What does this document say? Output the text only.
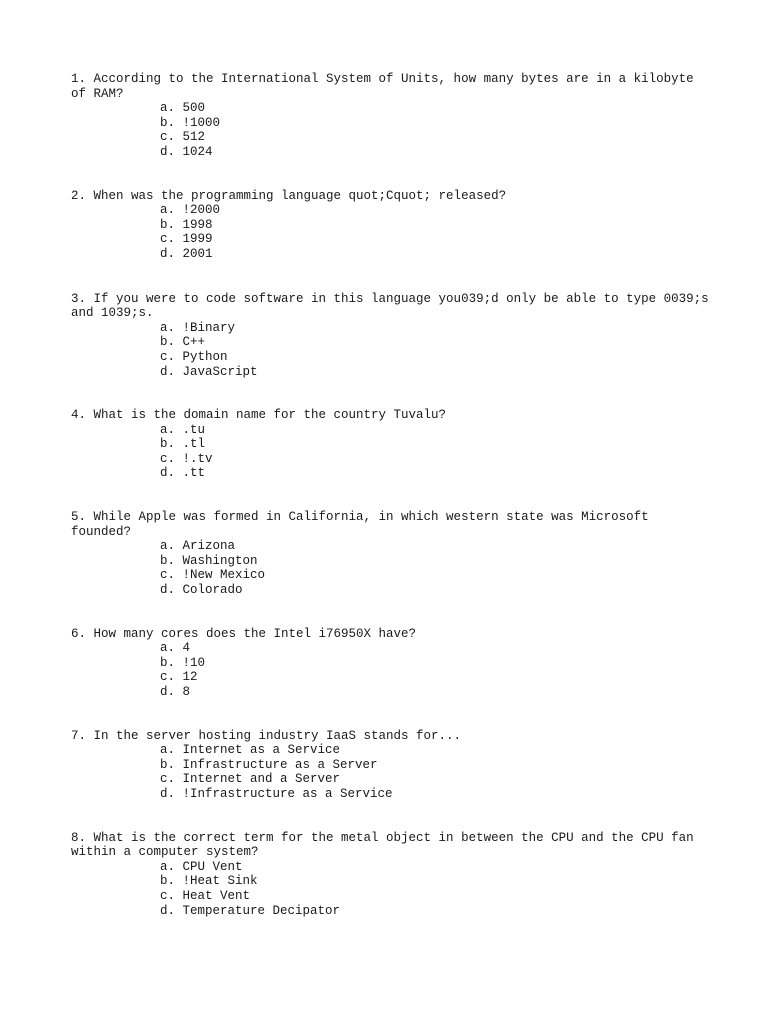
1. According to the International System of Units, how many bytes are in a kilobyte of RAM?

a. 500
b. !1000
c. 512
d. 1024

2. When was the programming language quot;Cquot; released?

a. !2000
b. 1998
c. 1999
d. 2001

3. If you were to code software in this language you039;d only be able to type 0039;s and 1039;s.

a. !Binary
b. C++
c. Python
d. JavaScript

4. What is the domain name for the country Tuvalu?

a. .tu
b. .tl
c. !.tv
d. .tt

5. While Apple was formed in California, in which western state was Microsoft founded?

a. Arizona
b. Washington
c. !New Mexico
d. Colorado

6. How many cores does the Intel i76950X have?

a. 4
b. !10
c. 12
d. 8

7. In the server hosting industry IaaS stands for...

a. Internet as a Service
b. Infrastructure as a Server
c. Internet and a Server
d. !Infrastructure as a Service

8. What is the correct term for the metal object in between the CPU and the CPU fan within a computer system?

a. CPU Vent
b. !Heat Sink
c. Heat Vent
d. Temperature Decipator
